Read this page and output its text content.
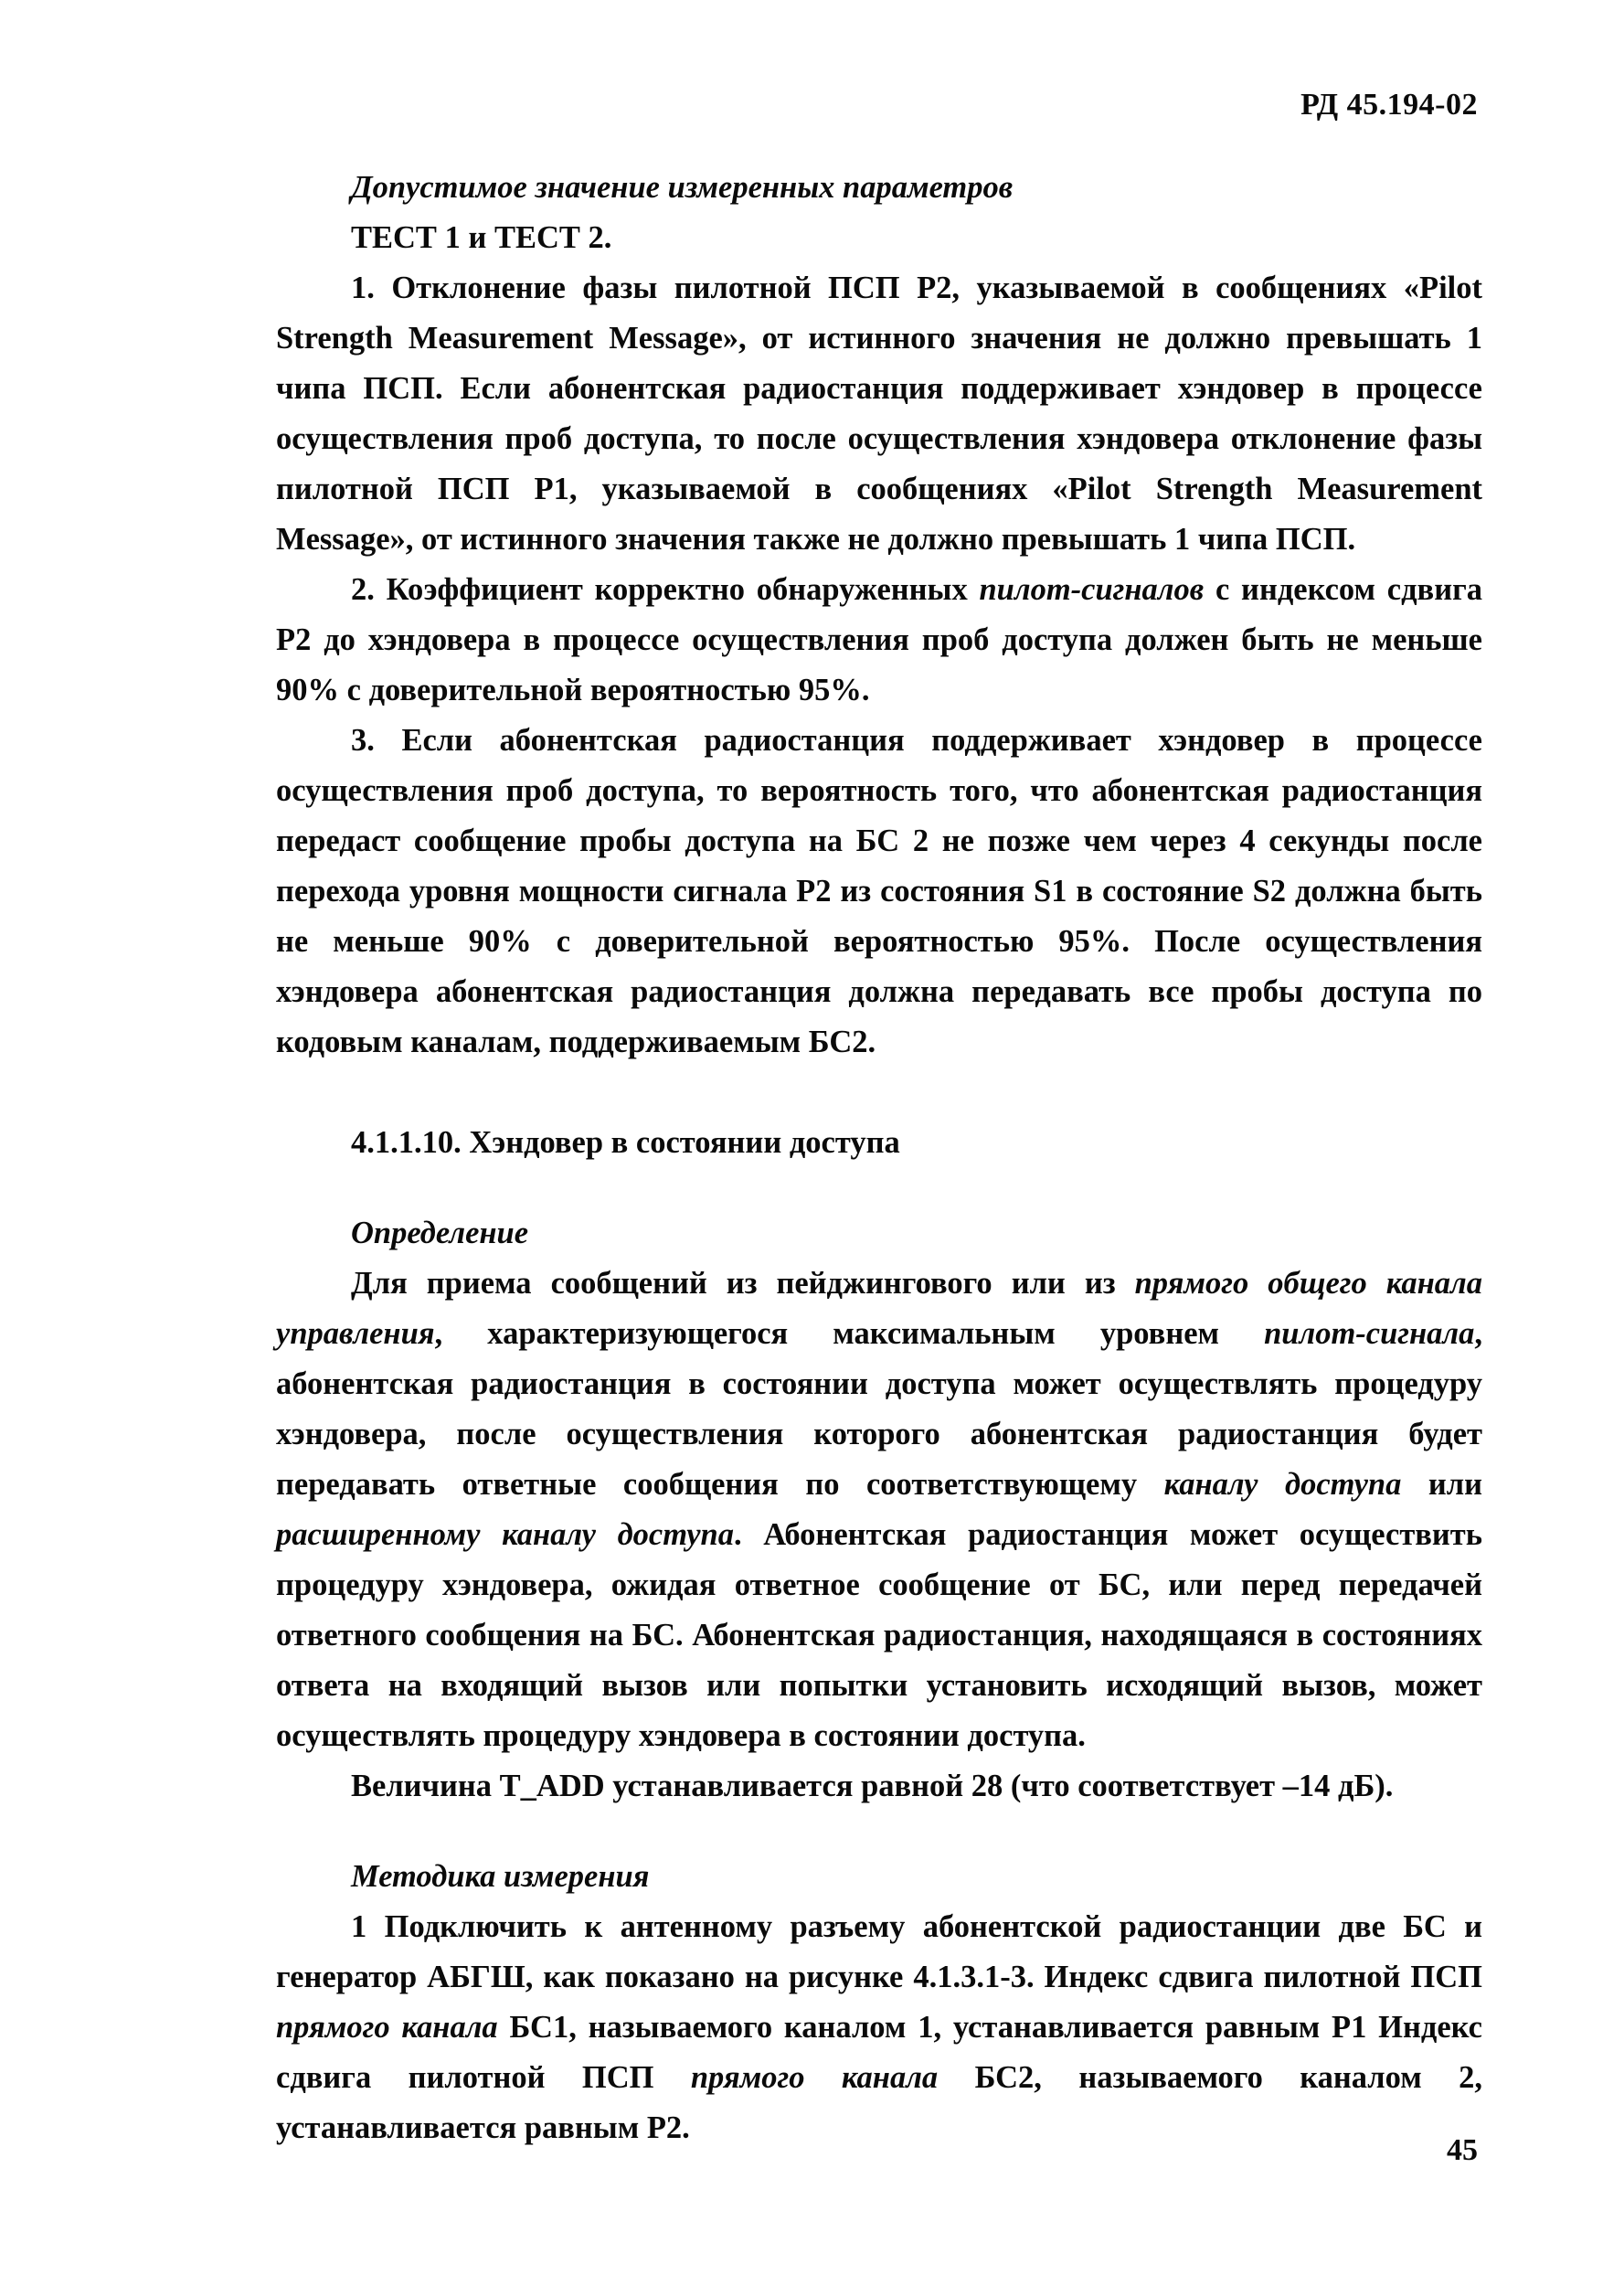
РД 45.194-02

Допустимое значение измеренных параметров

ТЕСТ 1 и ТЕСТ 2.

1. Отклонение фазы пилотной ПСП Р2, указываемой в сообщениях «Pilot Strength Measurement Message», от истинного значения не должно превышать 1 чипа ПСП. Если абонентская радиостанция поддерживает хэндовер в процессе осуществления проб доступа, то после осуществления хэндовера отклонение фазы пилотной ПСП Р1, указываемой в сообщениях «Pilot Strength Measurement Message», от истинного значения также не должно превышать 1 чипа ПСП.

2. Коэффициент корректно обнаруженных пилот-сигналов с индексом сдвига Р2 до хэндовера в процессе осуществления проб доступа должен быть не меньше 90% с доверительной вероятностью 95%.

3. Если абонентская радиостанция поддерживает хэндовер в процессе осуществления проб доступа, то вероятность того, что абонентская радиостанция передаст сообщение пробы доступа на БС 2 не позже чем через 4 секунды после перехода уровня мощности сигнала Р2 из состояния S1 в состояние S2 должна быть не меньше 90% с доверительной вероятностью 95%. После осуществления хэндовера абонентская радиостанция должна передавать все пробы доступа по кодовым каналам, поддерживаемым БС2.

4.1.1.10. Хэндовер в состоянии доступа

Определение

Для приема сообщений из пейджингового или из прямого общего канала управления, характеризующегося максимальным уровнем пилот-сигнала, абонентская радиостанция в состоянии доступа может осуществлять процедуру хэндовера, после осуществления которого абонентская радиостанция будет передавать ответные сообщения по соответствующему каналу доступа или расширенному каналу доступа. Абонентская радиостанция может осуществить процедуру хэндовера, ожидая ответное сообщение от БС, или перед передачей ответного сообщения на БС. Абонентская радиостанция, находящаяся в состояниях ответа на входящий вызов или попытки установить исходящий вызов, может осуществлять процедуру хэндовера в состоянии доступа.

Величина T_ADD устанавливается равной 28 (что соответствует –14 дБ).

Методика измерения

1 Подключить к антенному разъему абонентской радиостанции две БС и генератор АБГШ, как показано на рисунке 4.1.3.1-3. Индекс сдвига пилотной ПСП прямого канала БС1, называемого каналом 1, устанавливается равным Р1 Индекс сдвига пилотной ПСП прямого канала БС2, называемого каналом 2, устанавливается равным Р2.

45
